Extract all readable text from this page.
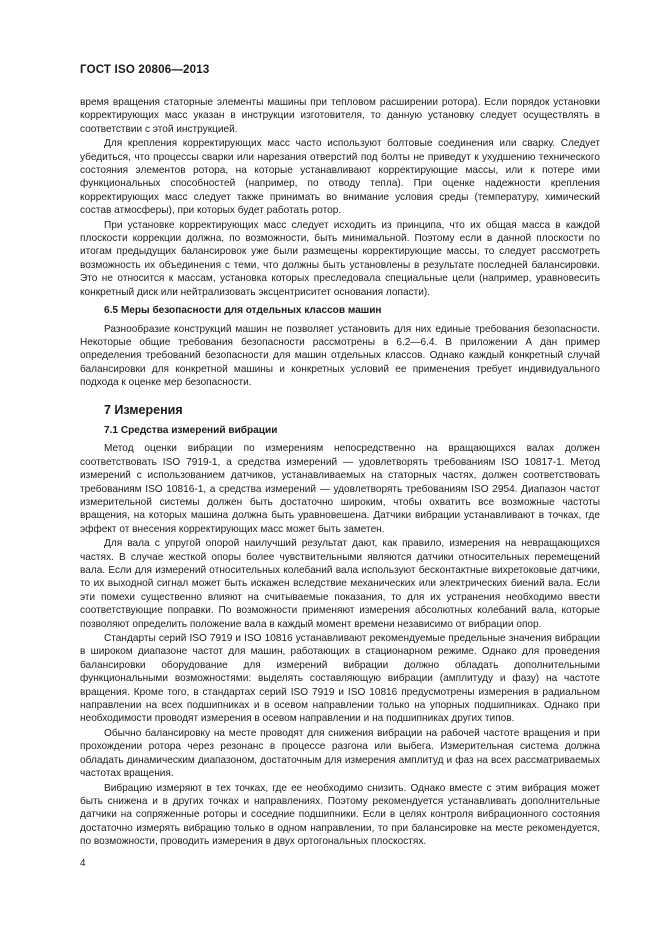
ГОСТ ISO 20806—2013

время вращения статорные элементы машины при тепловом расширении ротора). Если порядок установки корректирующих масс указан в инструкции изготовителя, то данную установку следует осуществлять в соответствии с этой инструкцией.

Для крепления корректирующих масс часто используют болтовые соединения или сварку. Следует убедиться, что процессы сварки или нарезания отверстий под болты не приведут к ухудшению технического состояния элементов ротора, на которые устанавливают корректирующие массы, или к потере ими функциональных способностей (например, по отводу тепла). При оценке надежности крепления корректирующих масс следует также принимать во внимание условия среды (температуру, химический состав атмосферы), при которых будет работать ротор.

При установке корректирующих масс следует исходить из принципа, что их общая масса в каждой плоскости коррекции должна, по возможности, быть минимальной. Поэтому если в данной плоскости по итогам предыдущих балансировок уже были размещены корректирующие массы, то следует рассмотреть возможность их объединения с теми, что должны быть установлены в результате последней балансировки. Это не относится к массам, установка которых преследовала специальные цели (например, уравновесить конкретный диск или нейтрализовать эксцентриситет основания лопасти).

6.5 Меры безопасности для отдельных классов машин

Разнообразие конструкций машин не позволяет установить для них единые требования безопасности. Некоторые общие требования безопасности рассмотрены в 6.2—6.4. В приложении А дан пример определения требований безопасности для машин отдельных классов. Однако каждый конкретный случай балансировки для конкретной машины и конкретных условий ее применения требует индивидуального подхода к оценке мер безопасности.

7 Измерения
7.1 Средства измерений вибрации

Метод оценки вибрации по измерениям непосредственно на вращающихся валах должен соответствовать ISO 7919-1, а средства измерений — удовлетворять требованиям ISO 10817-1. Метод измерений с использованием датчиков, устанавливаемых на статорных частях, должен соответствовать требованиям ISO 10816-1, а средства измерений — удовлетворять требованиям ISO 2954. Диапазон частот измерительной системы должен быть достаточно широким, чтобы охватить все возможные частоты вращения, на которых машина должна быть уравновешена. Датчики вибрации устанавливают в точках, где эффект от внесения корректирующих масс может быть заметен.

Для вала с упругой опорой наилучший результат дают, как правило, измерения на невращающихся частях. В случае жесткой опоры более чувствительными являются датчики относительных перемещений вала. Если для измерений относительных колебаний вала используют бесконтактные вихретоковые датчики, то их выходной сигнал может быть искажен вследствие механических или электрических биений вала. Если эти помехи существенно влияют на считываемые показания, то для их устранения необходимо ввести соответствующие поправки. По возможности применяют измерения абсолютных колебаний вала, которые позволяют определить положение вала в каждый момент времени независимо от вибрации опор.

Стандарты серий ISO 7919 и ISO 10816 устанавливают рекомендуемые предельные значения вибрации в широком диапазоне частот для машин, работающих в стационарном режиме. Однако для проведения балансировки оборудование для измерений вибрации должно обладать дополнительными функциональными возможностями: выделять составляющую вибрации (амплитуду и фазу) на частоте вращения. Кроме того, в стандартах серий ISO 7919 и ISO 10816 предусмотрены измерения в радиальном направлении на всех подшипниках и в осевом направлении только на упорных подшипниках. Однако при необходимости проводят измерения в осевом направлении и на подшипниках других типов.

Обычно балансировку на месте проводят для снижения вибрации на рабочей частоте вращения и при прохождении ротора через резонанс в процессе разгона или выбега. Измерительная система должна обладать динамическим диапазоном, достаточным для измерения амплитуд и фаз на всех рассматриваемых частотах вращения.

Вибрацию измеряют в тех точках, где ее необходимо снизить. Однако вместе с этим вибрация может быть снижена и в других точках и направлениях. Поэтому рекомендуется устанавливать дополнительные датчики на сопряженные роторы и соседние подшипники. Если в целях контроля вибрационного состояния достаточно измерять вибрацию только в одном направлении, то при балансировке на месте рекомендуется, по возможности, проводить измерения в двух ортогональных плоскостях.

4
